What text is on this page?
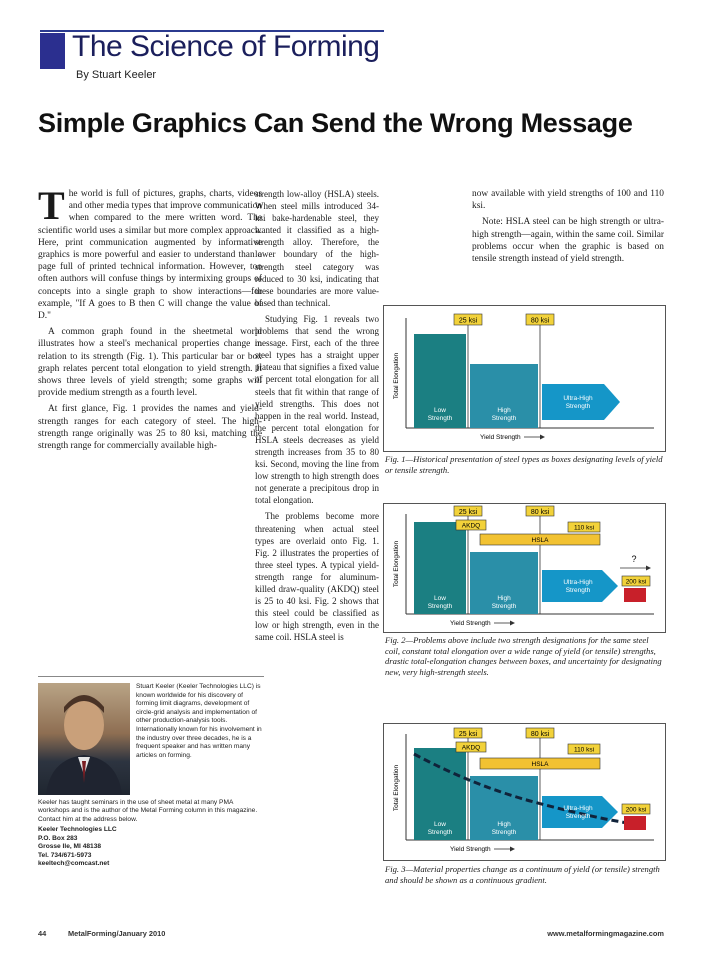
The Science of Forming
By Stuart Keeler
Simple Graphics Can Send the Wrong Message

The world is full of pictures, graphs, charts, videos and other media types that improve communication when compared to the mere written word. The scientific world uses a similar but more complex approach. Here, print communication augmented by informative graphics is more powerful and easier to understand than a page full of printed technical information. However, too often authors will confuse things by intermixing groups of concepts into a single graph to show interactions—for example, "If A goes to B then C will change the value of D."

A common graph found in the sheetmetal world illustrates how a steel's mechanical properties change in relation to its strength (Fig. 1). This particular bar or box graph relates percent total elongation to yield strength. It shows three levels of yield strength; some graphs will provide medium strength as a fourth level.

At first glance, Fig. 1 provides the names and yield-strength ranges for each category of steel. The high-strength range originally was 25 to 80 ksi, matching the strength range for commercially available high-

Stuart Keeler (Keeler Technologies LLC) is known worldwide for his discovery of forming limit diagrams, development of circle-grid analysis and implementation of other production-analysis tools. Internationally known for his involvement in the industry over three decades, he is a frequent speaker and has written many articles on forming.
Keeler has taught seminars in the use of sheet metal at many PMA workshops and is the author of the Metal Forming column in this magazine. Contact him at the address below.
Keeler Technologies LLC
P.O. Box 283
Grosse Ile, MI 48138
Tel. 734/671-5973
keeltech@comcast.net

strength low-alloy (HSLA) steels. When steel mills introduced 34-ksi bake-hardenable steel, they wanted it classified as a high-strength alloy. Therefore, the lower boundary of the high-strength steel category was reduced to 30 ksi, indicating that these boundaries are more value-based than technical.

Studying Fig. 1 reveals two problems that send the wrong message. First, each of the three steel types has a straight upper plateau that signifies a fixed value of percent total elongation for all steels that fit within that range of yield strengths. This does not happen in the real world. Instead, the percent total elongation for HSLA steels decreases as yield strength increases from 35 to 80 ksi. Second, moving the line from low strength to high strength does not generate a precipitous drop in total elongation.

The problems become more threatening when actual steel types are overlaid onto Fig. 1. Fig. 2 illustrates the properties of three steel types. A typical yield-strength range for aluminum-killed draw-quality (AKDQ) steel is 25 to 40 ksi. Fig. 2 shows that this steel could be classified as low or high strength, even in the same coil. HSLA steel is

now available with yield strengths of 100 and 110 ksi.

Note: HSLA steel can be high strength or ultra-high strength—again, within the same coil. Similar problems occur when the graphic is based on tensile strength instead of yield strength.

25 ksi	80 ksi
Low
Strength
High
Strength
Ultra-High
Strength
Total Elongation
Yield Strength
Fig. 1—Historical presentation of steel types as boxes designating levels of yield or tensile strength.
25 ksi	80 ksi
AKDQ
HSLA
110 ksi
?
200 ksi
Low
Strength
High
Strength
Ultra-High
Strength
Total Elongation
Yield Strength
Fig. 2—Problems above include two strength designations for the same steel coil, constant total elongation over a wide range of yield (or tensile) strengths, drastic total-elongation changes between boxes, and uncertainty for designating new, very high-strength steels.
25 ksi	80 ksi
AKDQ
HSLA
110 ksi
200 ksi
Low
Strength
High
Strength
Ultra-High
Strength
Total Elongation
Yield Strength
Fig. 3—Material properties change as a continuum of yield (or tensile) strength and should be shown as a continuous gradient.
44	MetalForming/January 2010	www.metalformingmagazine.com
